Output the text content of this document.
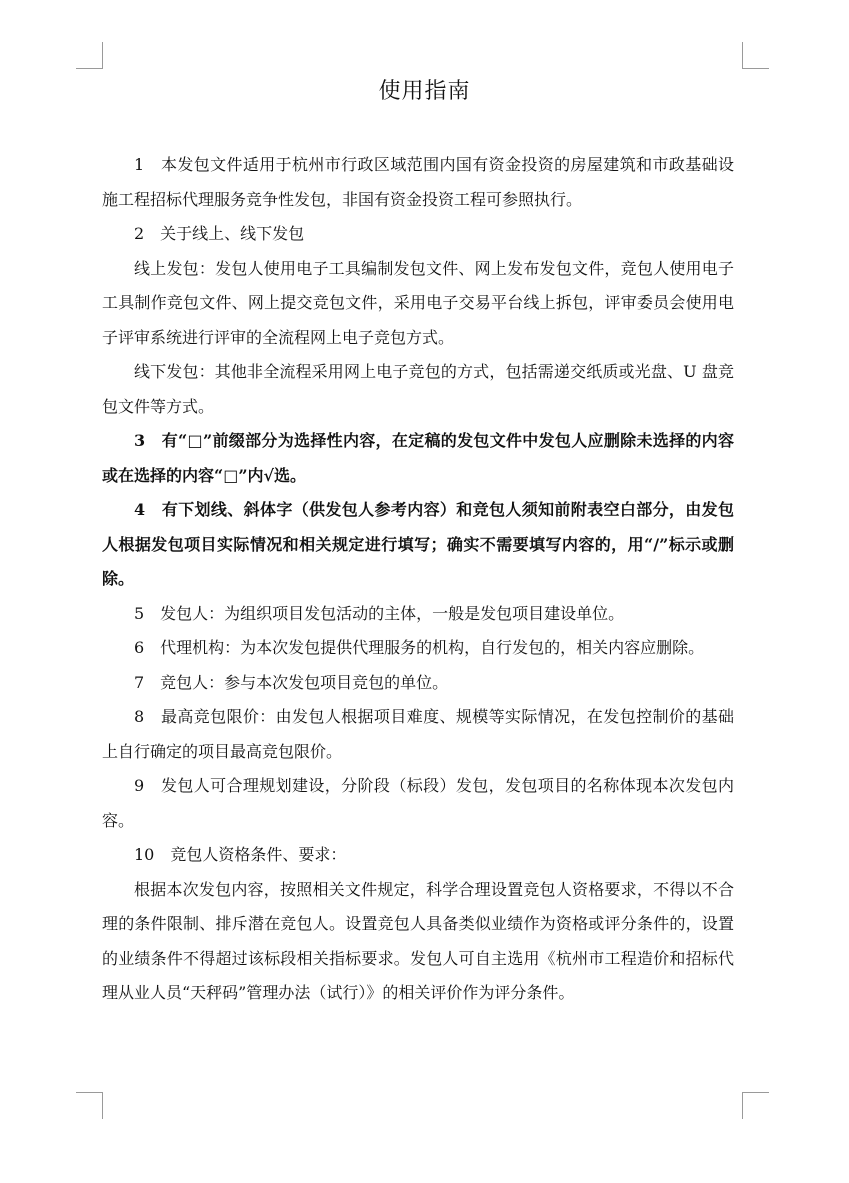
使用指南

1　本发包文件适用于杭州市行政区域范围内国有资金投资的房屋建筑和市政基础设施工程招标代理服务竞争性发包，非国有资金投资工程可参照执行。

2　关于线上、线下发包

线上发包：发包人使用电子工具编制发包文件、网上发布发包文件，竞包人使用电子工具制作竞包文件、网上提交竞包文件，采用电子交易平台线上拆包，评审委员会使用电子评审系统进行评审的全流程网上电子竞包方式。

线下发包：其他非全流程采用网上电子竞包的方式，包括需递交纸质或光盘、U 盘竞包文件等方式。

3　有“□”前缀部分为选择性内容，在定稿的发包文件中发包人应删除未选择的内容或在选择的内容“□”内√选。

4　有下划线、斜体字（供发包人参考内容）和竞包人须知前附表空白部分，由发包人根据发包项目实际情况和相关规定进行填写；确实不需要填写内容的，用“/”标示或删除。

5　发包人：为组织项目发包活动的主体，一般是发包项目建设单位。

6　代理机构：为本次发包提供代理服务的机构，自行发包的，相关内容应删除。

7　竞包人：参与本次发包项目竞包的单位。

8　最高竞包限价：由发包人根据项目难度、规模等实际情况，在发包控制价的基础上自行确定的项目最高竞包限价。

9　发包人可合理规划建设，分阶段（标段）发包，发包项目的名称体现本次发包内容。

10　竞包人资格条件、要求：

根据本次发包内容，按照相关文件规定，科学合理设置竞包人资格要求，不得以不合理的条件限制、排斥潜在竞包人。设置竞包人具备类似业绩作为资格或评分条件的，设置的业绩条件不得超过该标段相关指标要求。发包人可自主选用《杭州市工程造价和招标代理从业人员“天秤码”管理办法（试行）》的相关评价作为评分条件。
